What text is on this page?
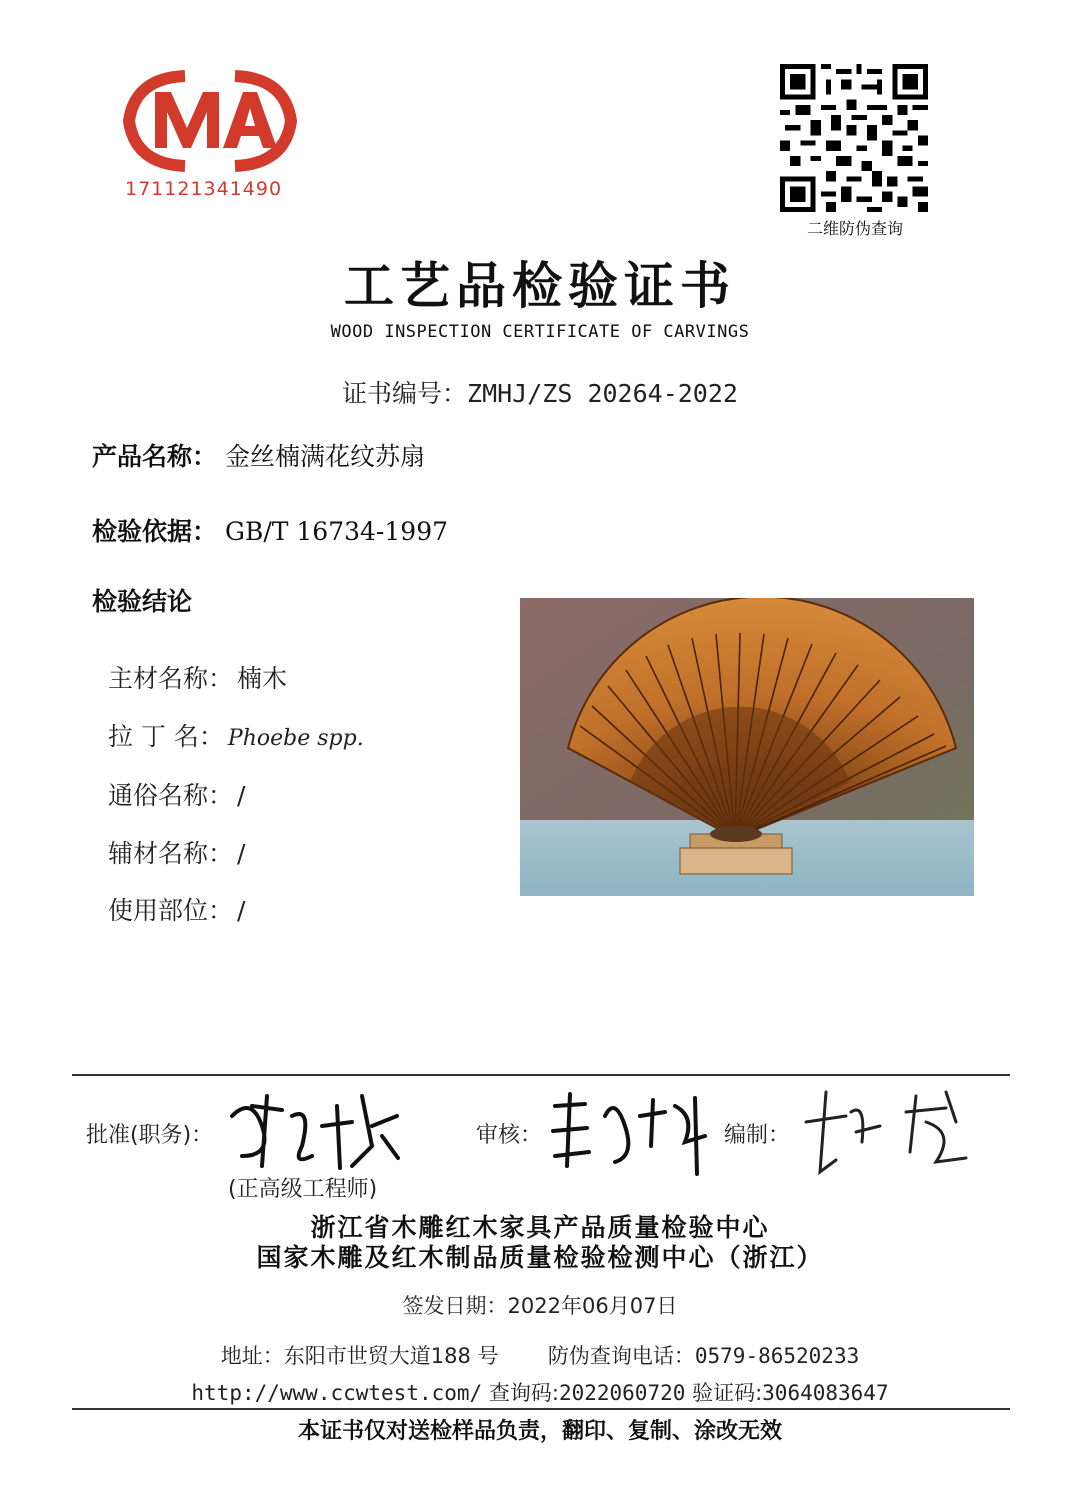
171121341490
二维防伪查询
工艺品检验证书
WOOD INSPECTION CERTIFICATE OF CARVINGS
证书编号：ZMHJ/ZS 20264-2022
产品名称： 金丝楠满花纹苏扇
检验依据： GB/T 16734-1997
检验结论
主材名称： 楠木
拉 丁 名： Phoebe spp.
通俗名称： /
辅材名称： /
使用部位： /
批准(职务)：
(正高级工程师)
审核：	编制：
浙江省木雕红木家具产品质量检验中心
国家木雕及红木制品质量检验检测中心（浙江）
签发日期：2022年06月07日
地址：东阳市世贸大道188 号 防伪查询电话：0579-86520233
http://www.ccwtest.com/ 查询码:2022060720 验证码:3064083647
本证书仅对送检样品负责，翻印、复制、涂改无效
